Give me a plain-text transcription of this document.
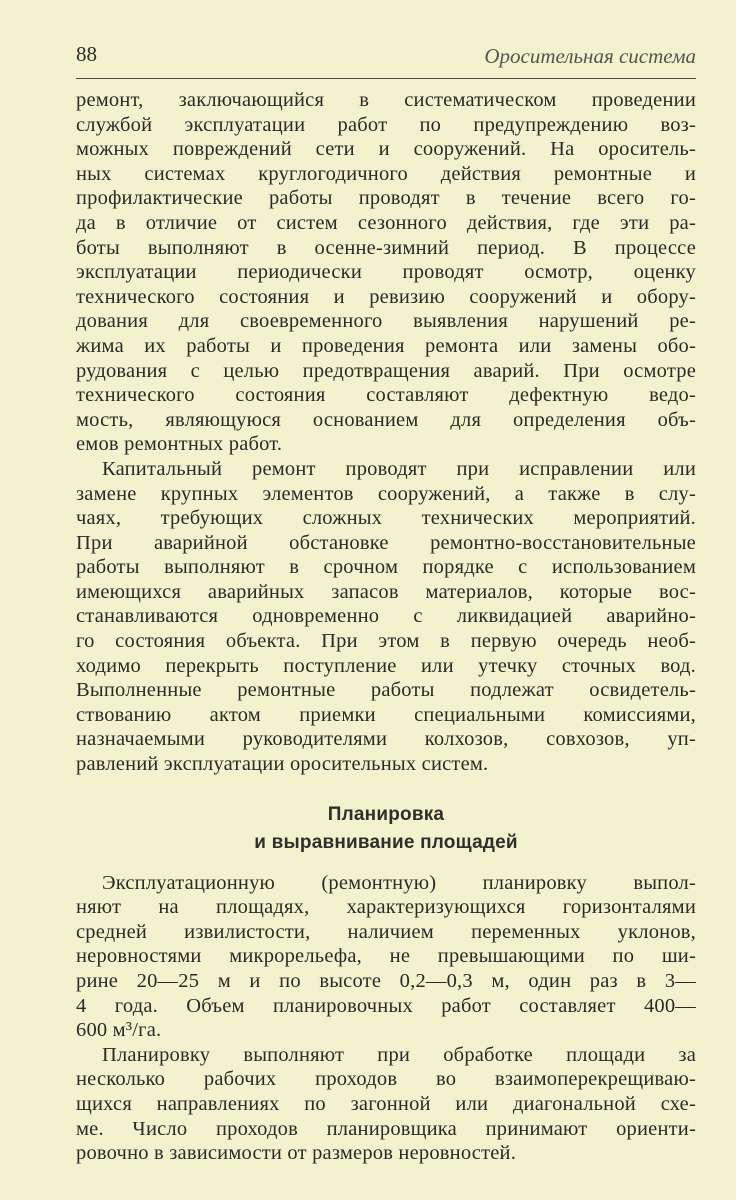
88	Оросительная система
ремонт, заключающийся в систематическом проведении
службой эксплуатации работ по предупреждению воз-
можных повреждений сети и сооружений. На ороситель-
ных системах круглогодичного действия ремонтные и
профилактические работы проводят в течение всего го-
да в отличие от систем сезонного действия, где эти ра-
боты выполняют в осенне-зимний период. В процессе
эксплуатации периодически проводят осмотр, оценку
технического состояния и ревизию сооружений и обору-
дования для своевременного выявления нарушений ре-
жима их работы и проведения ремонта или замены обо-
рудования с целью предотвращения аварий. При осмотре
технического состояния составляют дефектную ведо-
мость, являющуюся основанием для определения объ-
емов ремонтных работ.
Капитальный ремонт проводят при исправлении или
замене крупных элементов сооружений, а также в слу-
чаях, требующих сложных технических мероприятий.
При аварийной обстановке ремонтно-восстановительные
работы выполняют в срочном порядке с использованием
имеющихся аварийных запасов материалов, которые вос-
станавливаются одновременно с ликвидацией аварийно-
го состояния объекта. При этом в первую очередь необ-
ходимо перекрыть поступление или утечку сточных вод.
Выполненные ремонтные работы подлежат освидетель-
ствованию актом приемки специальными комиссиями,
назначаемыми руководителями колхозов, совхозов, уп-
равлений эксплуатации оросительных систем.
Планировка
и выравнивание площадей
Эксплуатационную (ремонтную) планировку выпол-
няют на площадях, характеризующихся горизонталями
средней извилистости, наличием переменных уклонов,
неровностями микрорельефа, не превышающими по ши-
рине 20—25 м и по высоте 0,2—0,3 м, один раз в 3—
4 года. Объем планировочных работ составляет 400—
600 м³/га.
Планировку выполняют при обработке площади за
несколько рабочих проходов во взаимоперекрещиваю-
щихся направлениях по загонной или диагональной схе-
ме. Число проходов планировщика принимают ориенти-
ровочно в зависимости от размеров неровностей.
